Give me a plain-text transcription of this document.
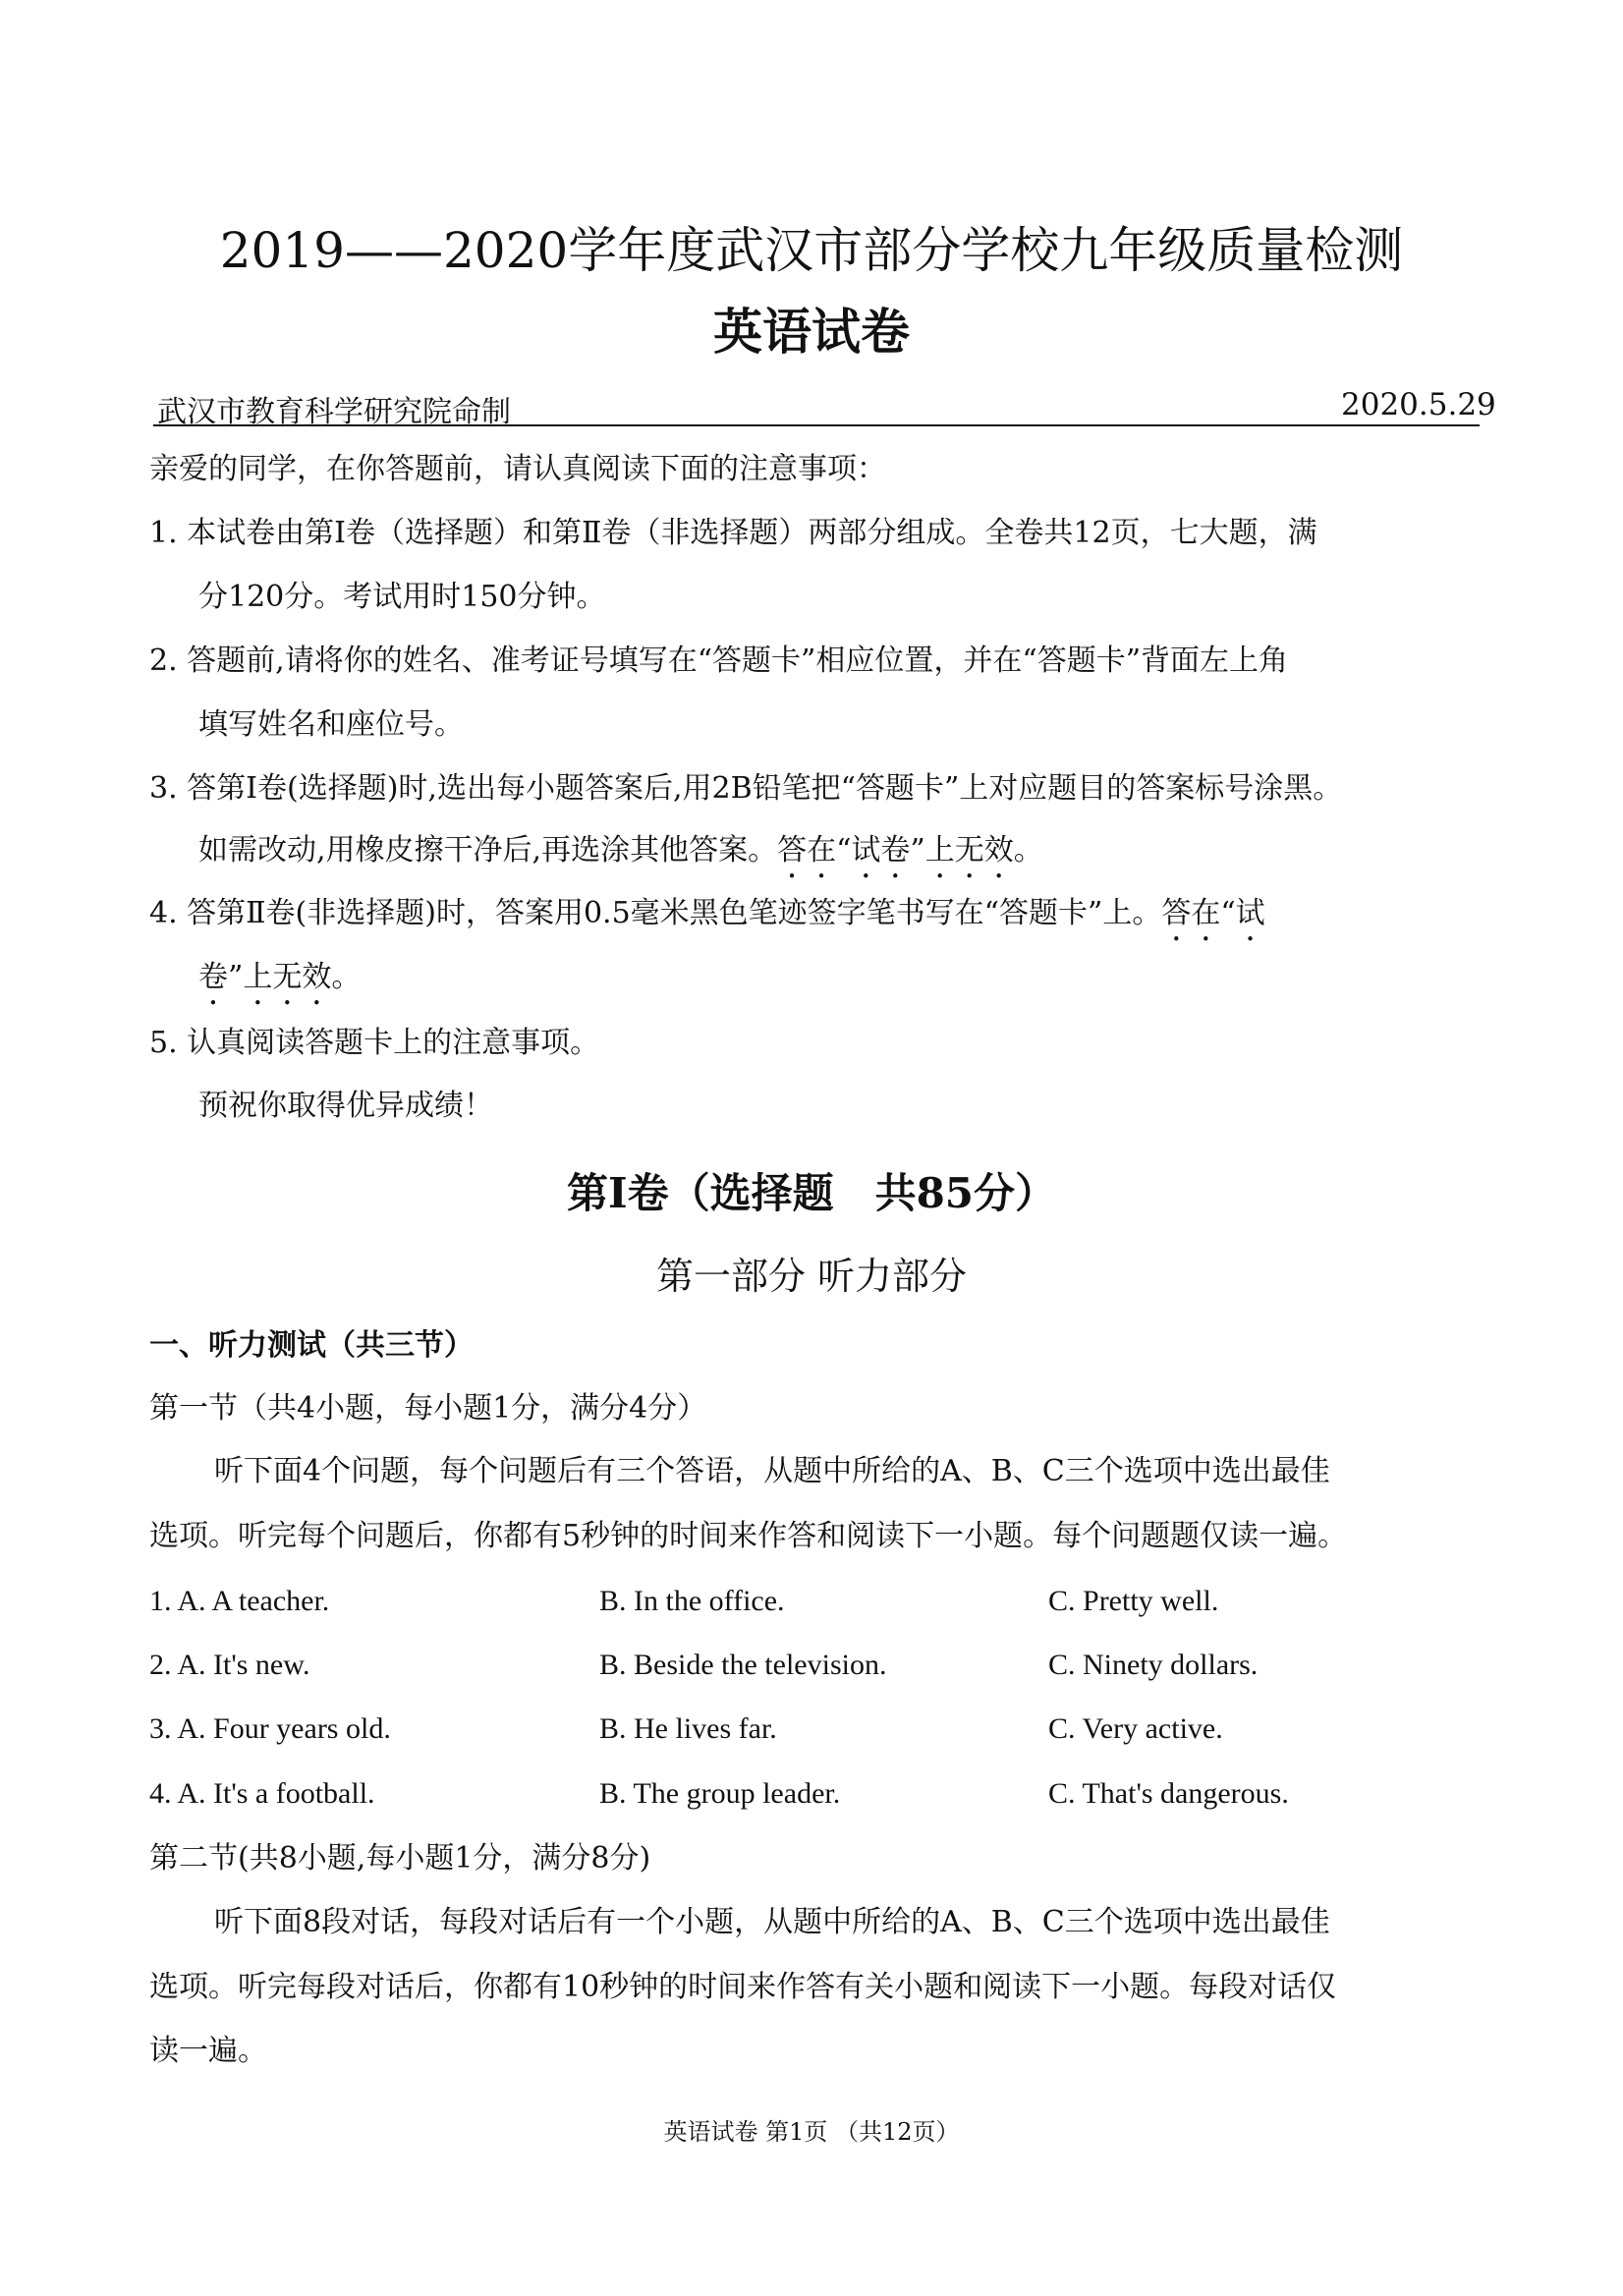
2019——2020学年度武汉市部分学校九年级质量检测
英语试卷
武汉市教育科学研究院命制	2020.5.29
亲爱的同学，在你答题前，请认真阅读下面的注意事项：
1. 本试卷由第Ⅰ卷（选择题）和第Ⅱ卷（非选择题）两部分组成。全卷共12页，七大题，满
分120分。考试用时150分钟。
2. 答题前,请将你的姓名、准考证号填写在“答题卡”相应位置，并在“答题卡”背面左上角
填写姓名和座位号。
3. 答第Ⅰ卷(选择题)时,选出每小题答案后,用2B铅笔把“答题卡”上对应题目的答案标号涂黑。
如需改动,用橡皮擦干净后,再选涂其他答案。答在“试卷”上无效。
4. 答第Ⅱ卷(非选择题)时，答案用0.5毫米黑色笔迹签字笔书写在“答题卡”上。答在“试
卷”上无效。
5. 认真阅读答题卡上的注意事项。
预祝你取得优异成绩！
第Ⅰ卷（选择题　共85分）
第一部分 听力部分
一、听力测试（共三节）
第一节（共4小题，每小题1分，满分4分）
听下面4个问题，每个问题后有三个答语，从题中所给的A、B、C三个选项中选出最佳
选项。听完每个问题后，你都有5秒钟的时间来作答和阅读下一小题。每个问题题仅读一遍。
1. A. A teacher.	B. In the office.	C. Pretty well.
2. A. It's new.	B. Beside the television.	C. Ninety dollars.
3. A. Four years old.	B. He lives far.	C. Very active.
4. A. It's a football.	B. The group leader.	C. That's dangerous.
第二节(共8小题,每小题1分，满分8分)
听下面8段对话，每段对话后有一个小题，从题中所给的A、B、C三个选项中选出最佳
选项。听完每段对话后，你都有10秒钟的时间来作答有关小题和阅读下一小题。每段对话仅
读一遍。
英语试卷 第1页 （共12页）
